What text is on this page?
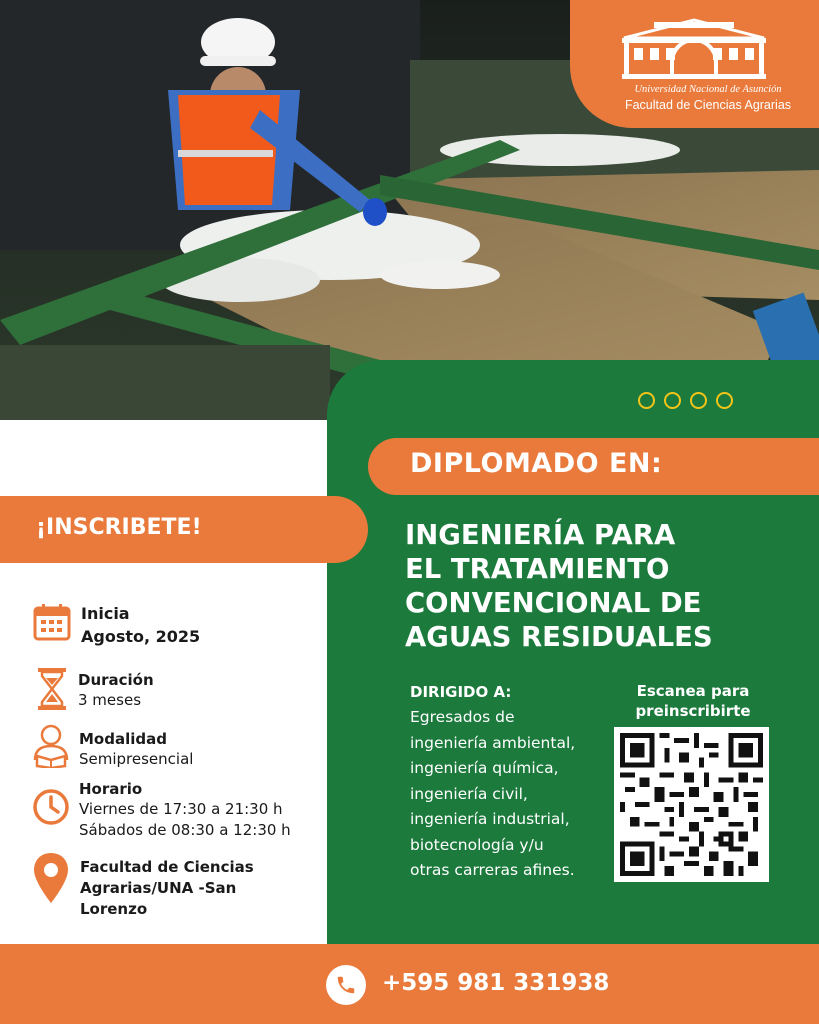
Universidad Nacional de Asunción
Facultad de Ciencias Agrarias
DIPLOMADO EN:
¡INSCRIBETE!	INGENIERÍA PARA
EL TRATAMIENTO
CONVENCIONAL DE
AGUAS RESIDUALES
DIRIGIDO A:
Egresados de
ingeniería ambiental,
ingeniería química,
ingeniería civil,
ingeniería industrial,
biotecnología y/u
otras carreras afines.
Escanea para
preinscribirte
Inicia
Agosto, 2025
Duración
3 meses
Modalidad
Semipresencial
Horario
Viernes de 17:30 a 21:30 h
Sábados de 08:30 a 12:30 h
Facultad de Ciencias
Agrarias/UNA -San
Lorenzo
+595 981 331938
